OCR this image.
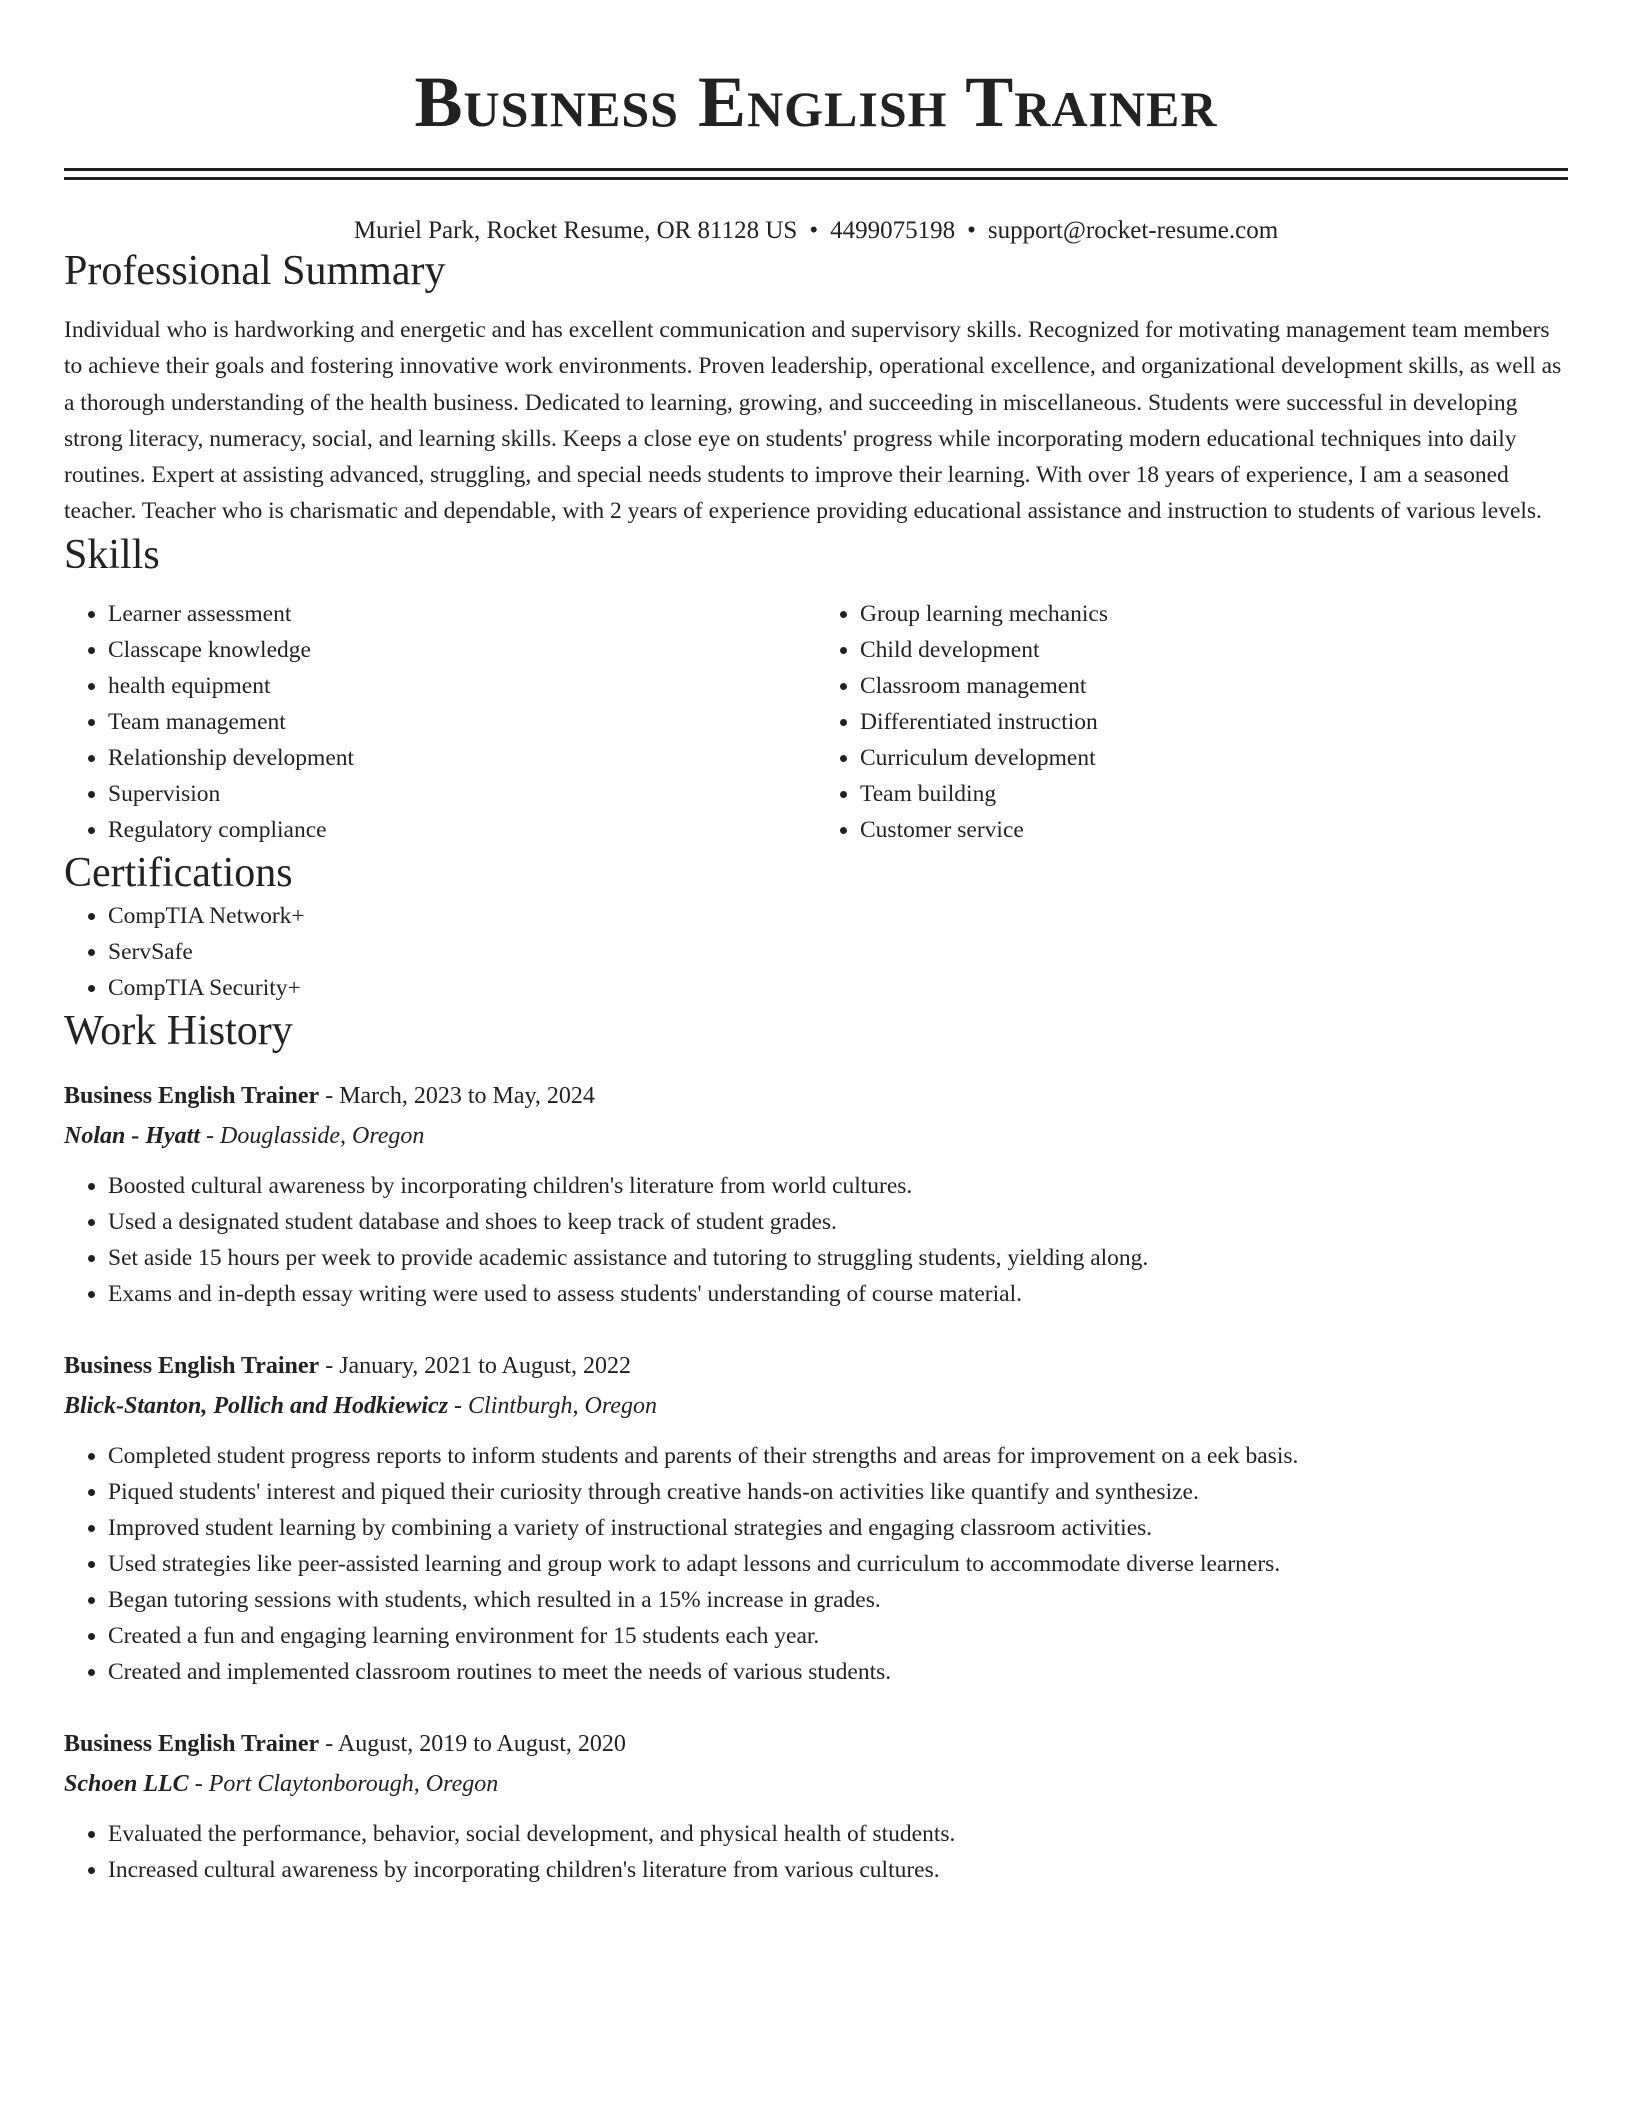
Business English Trainer
Muriel Park, Rocket Resume, OR 81128 US • 4499075198 • support@rocket-resume.com
Professional Summary
Individual who is hardworking and energetic and has excellent communication and supervisory skills. Recognized for motivating management team members to achieve their goals and fostering innovative work environments. Proven leadership, operational excellence, and organizational development skills, as well as a thorough understanding of the health business. Dedicated to learning, growing, and succeeding in miscellaneous. Students were successful in developing strong literacy, numeracy, social, and learning skills. Keeps a close eye on students' progress while incorporating modern educational techniques into daily routines. Expert at assisting advanced, struggling, and special needs students to improve their learning. With over 18 years of experience, I am a seasoned teacher. Teacher who is charismatic and dependable, with 2 years of experience providing educational assistance and instruction to students of various levels.
Skills
• Learner assessment
• Classcape knowledge
• health equipment
• Team management
• Relationship development
• Supervision
• Regulatory compliance
• Group learning mechanics
• Child development
• Classroom management
• Differentiated instruction
• Curriculum development
• Team building
• Customer service
Certifications
• CompTIA Network+
• ServSafe
• CompTIA Security+
Work History
Business English Trainer - March, 2023 to May, 2024
Nolan - Hyatt - Douglasside, Oregon
• Boosted cultural awareness by incorporating children's literature from world cultures.
• Used a designated student database and shoes to keep track of student grades.
• Set aside 15 hours per week to provide academic assistance and tutoring to struggling students, yielding along.
• Exams and in-depth essay writing were used to assess students' understanding of course material.
Business English Trainer - January, 2021 to August, 2022
Blick-Stanton, Pollich and Hodkiewicz - Clintburgh, Oregon
• Completed student progress reports to inform students and parents of their strengths and areas for improvement on a eek basis.
• Piqued students' interest and piqued their curiosity through creative hands-on activities like quantify and synthesize.
• Improved student learning by combining a variety of instructional strategies and engaging classroom activities.
• Used strategies like peer-assisted learning and group work to adapt lessons and curriculum to accommodate diverse learners.
• Began tutoring sessions with students, which resulted in a 15% increase in grades.
• Created a fun and engaging learning environment for 15 students each year.
• Created and implemented classroom routines to meet the needs of various students.
Business English Trainer - August, 2019 to August, 2020
Schoen LLC - Port Claytonborough, Oregon
• Evaluated the performance, behavior, social development, and physical health of students.
• Increased cultural awareness by incorporating children's literature from various cultures.
